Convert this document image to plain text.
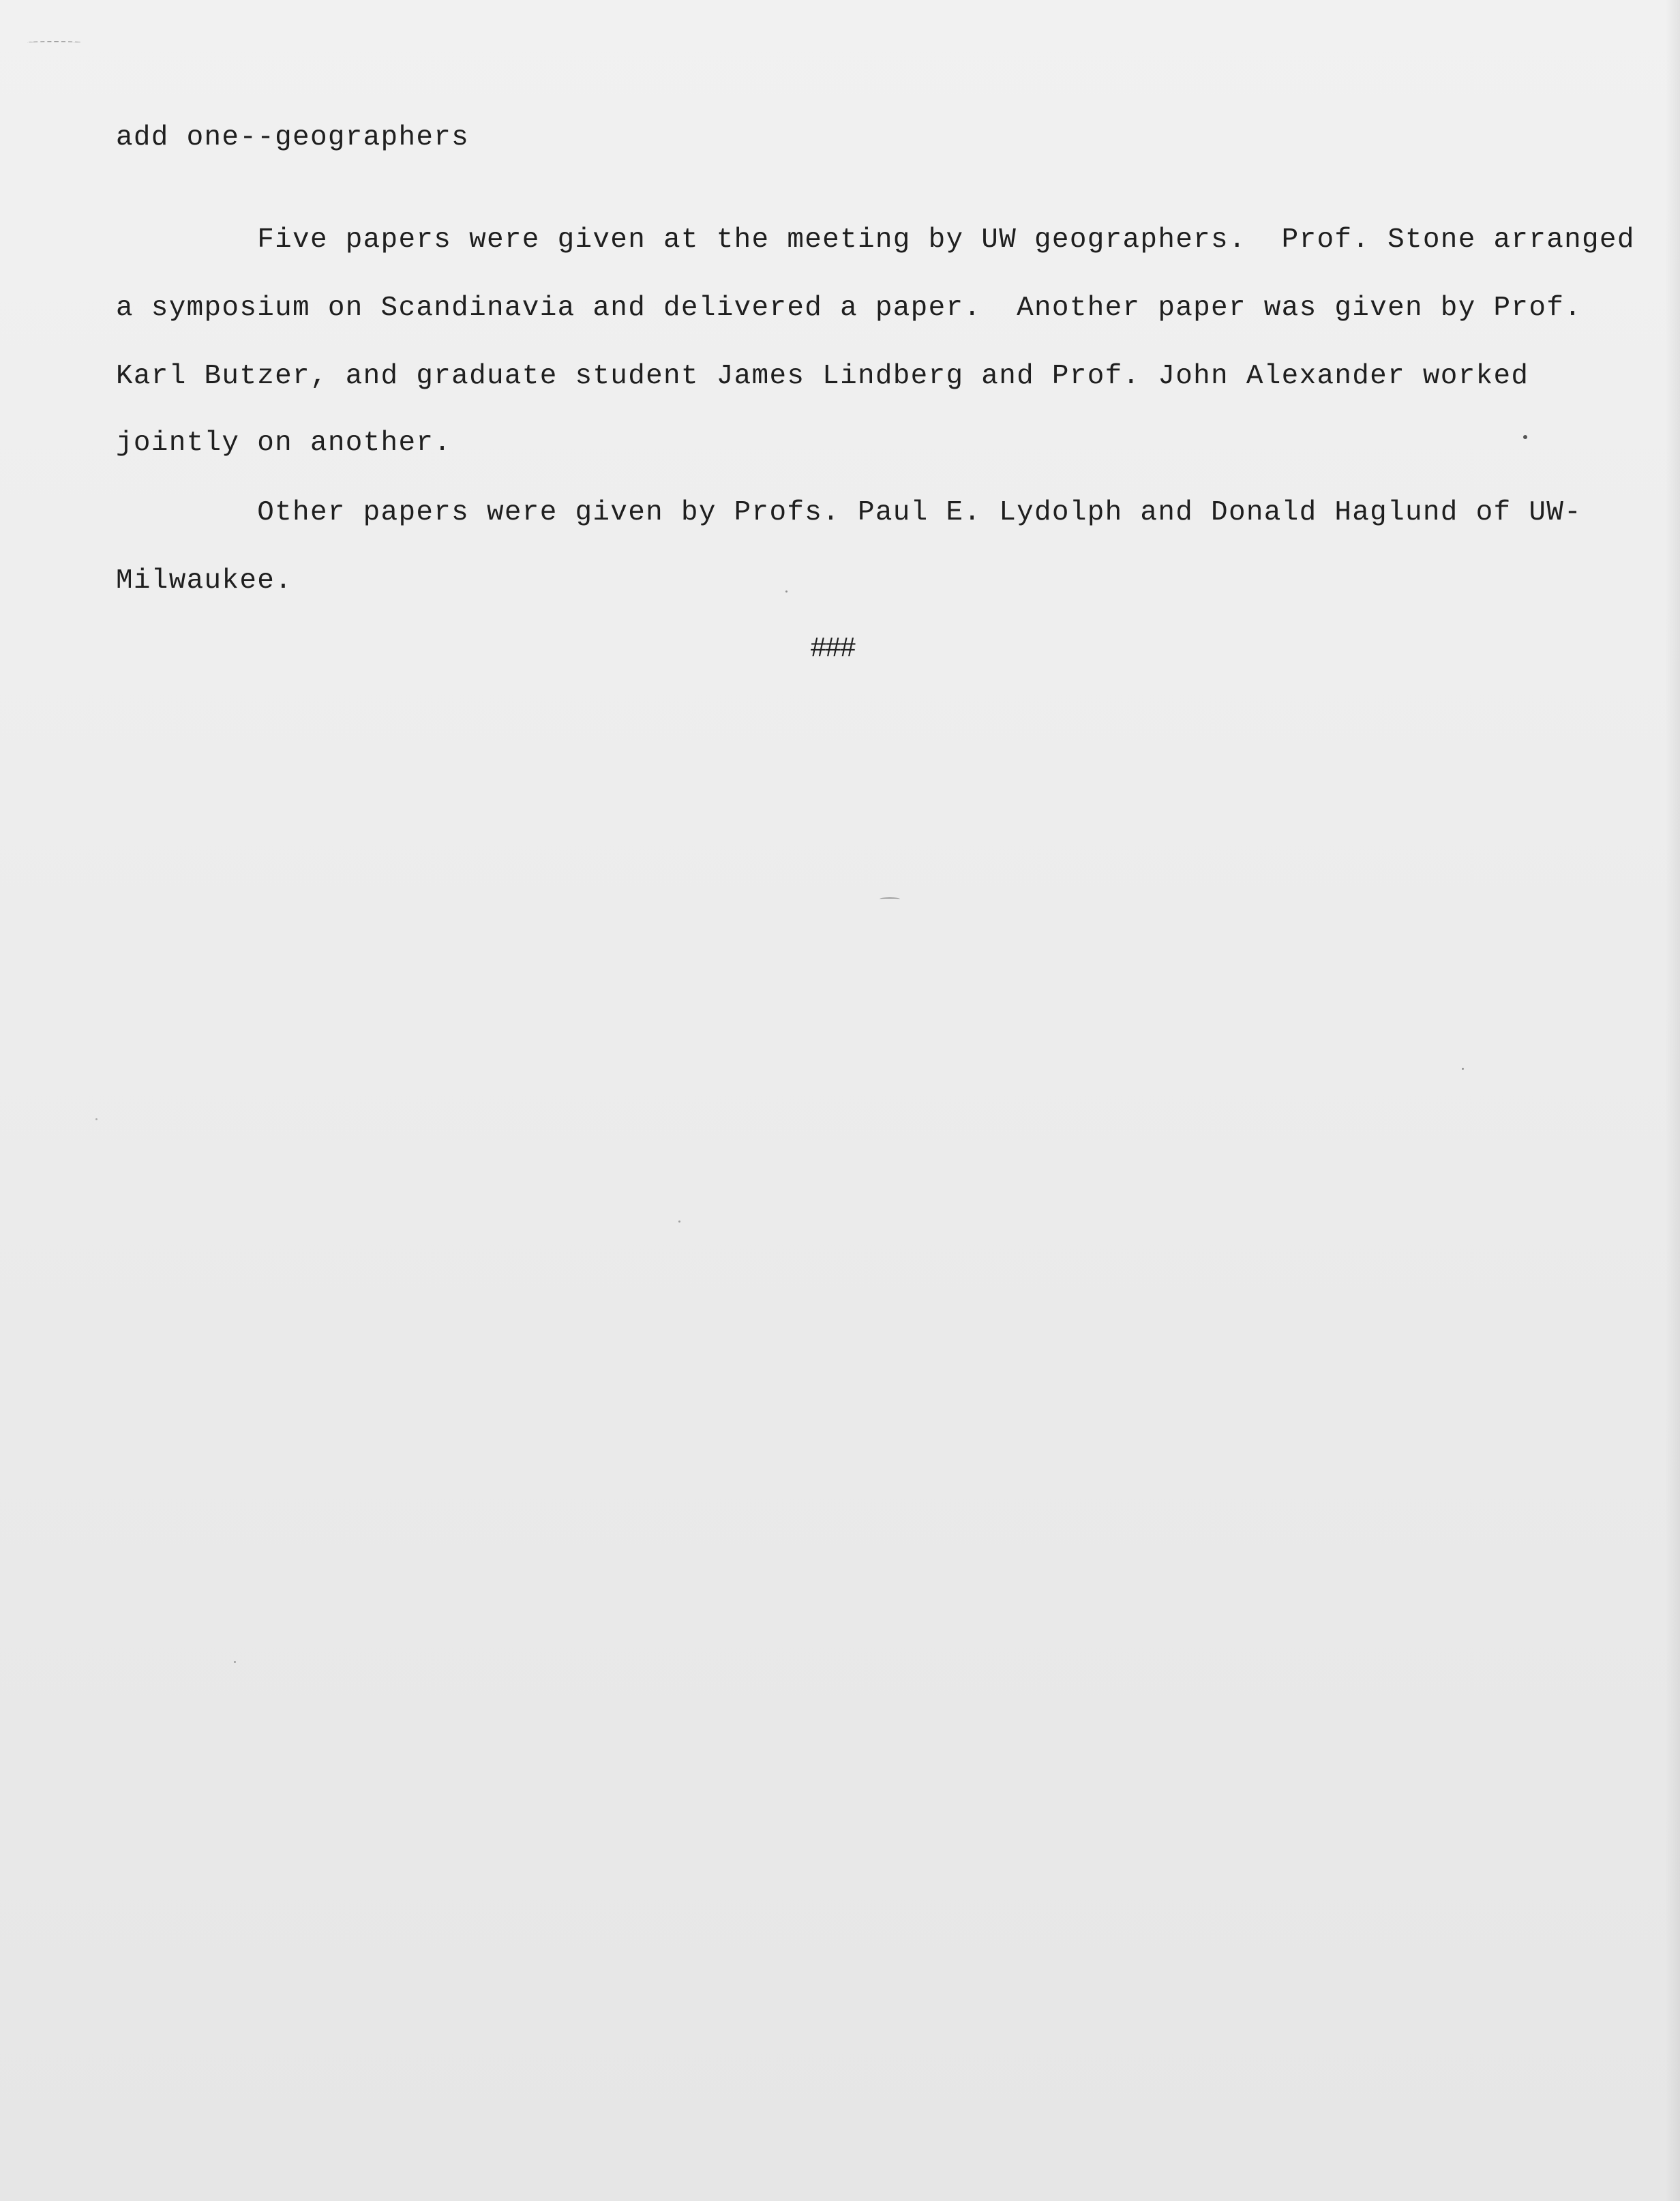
add one--geographers
Five papers were given at the meeting by UW geographers.  Prof. Stone arranged
a symposium on Scandinavia and delivered a paper.  Another paper was given by Prof.
Karl Butzer, and graduate student James Lindberg and Prof. John Alexander worked
jointly on another.
Other papers were given by Profs. Paul E. Lydolph and Donald Haglund of UW-
Milwaukee.
###
